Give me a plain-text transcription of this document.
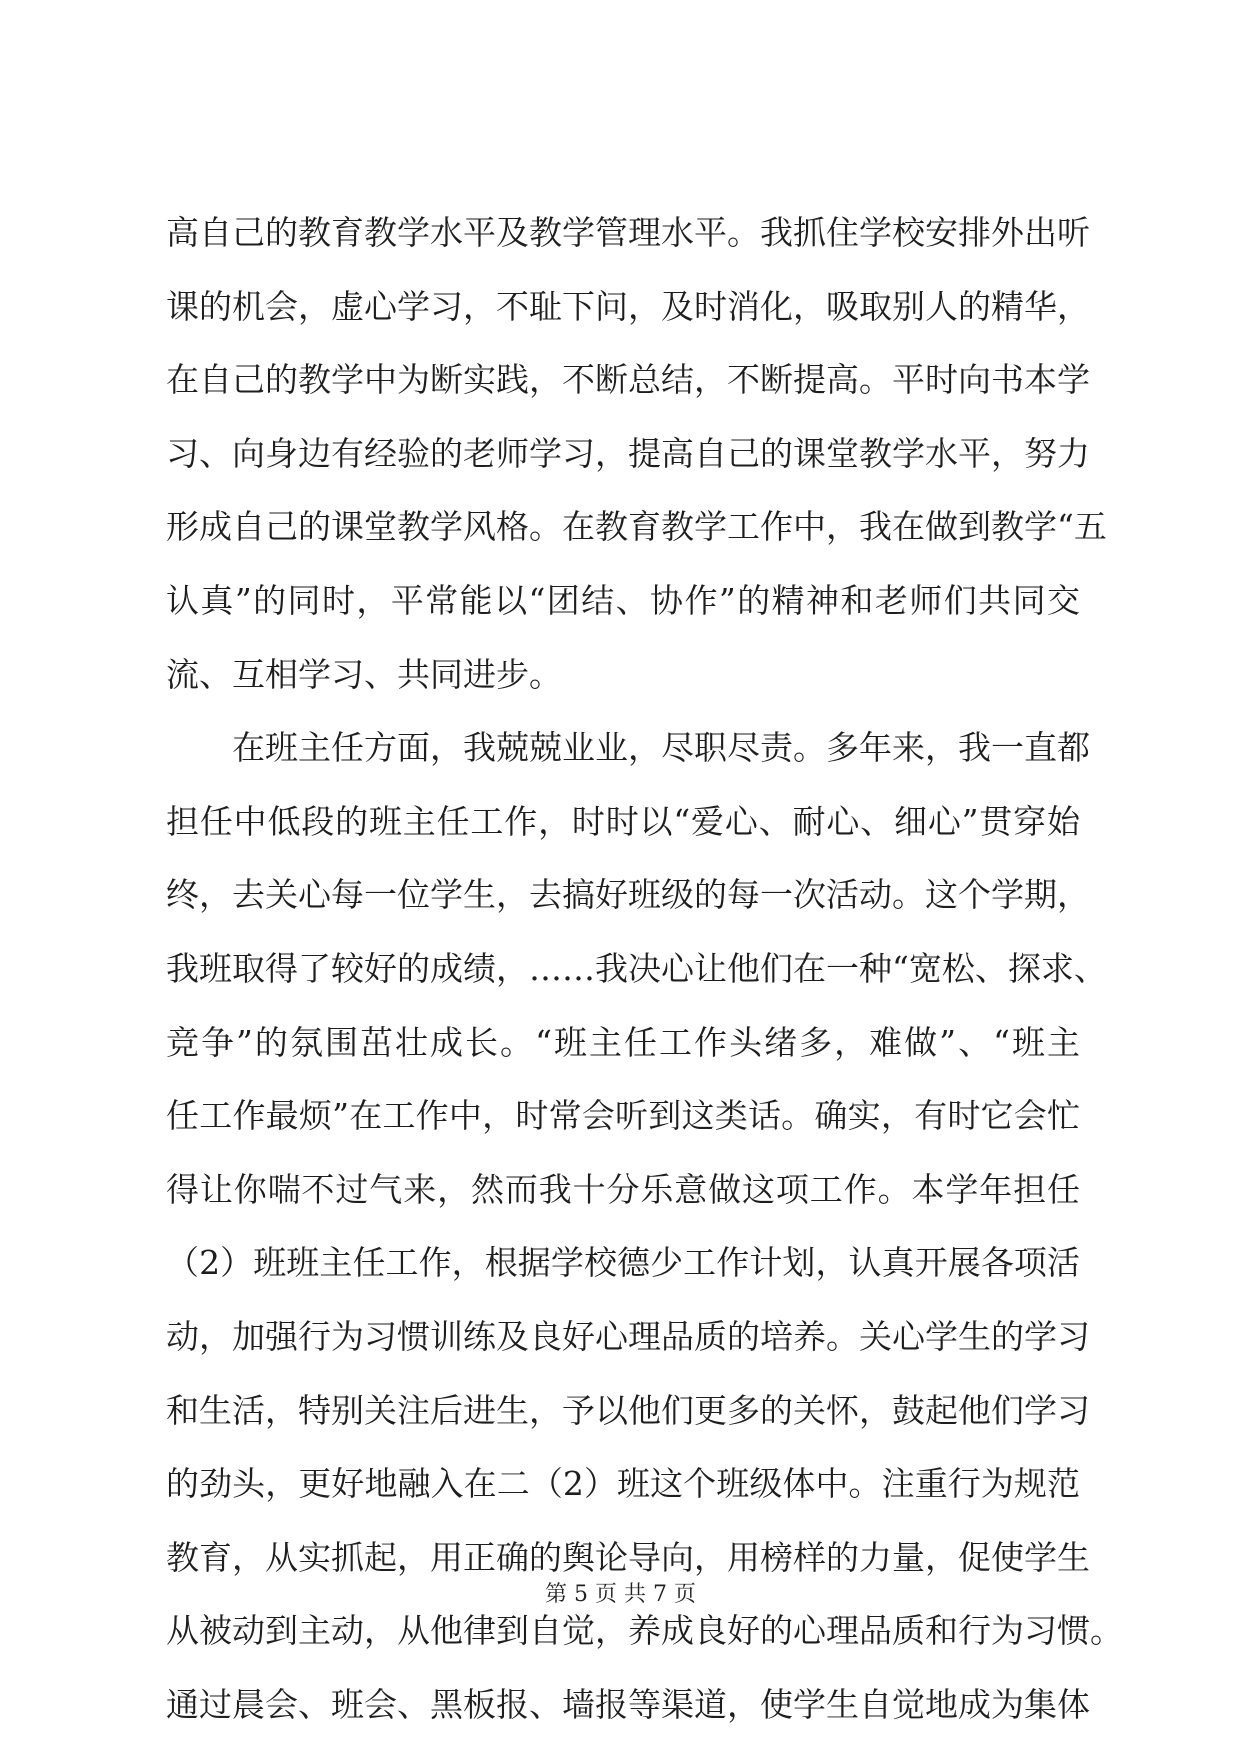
高自己的教育教学水平及教学管理水平。我抓住学校安排外出听
课的机会，虚心学习，不耻下问，及时消化，吸取别人的精华，
在自己的教学中为断实践，不断总结，不断提高。平时向书本学
习、向身边有经验的老师学习，提高自己的课堂教学水平，努力
形成自己的课堂教学风格。在教育教学工作中，我在做到教学“五
认真”的同时，平常能以“团结、协作”的精神和老师们共同交
流、互相学习、共同进步。
　　在班主任方面，我兢兢业业，尽职尽责。多年来，我一直都
担任中低段的班主任工作，时时以“爱心、耐心、细心”贯穿始
终，去关心每一位学生，去搞好班级的每一次活动。这个学期，
我班取得了较好的成绩，……我决心让他们在一种“宽松、探求、
竞争”的氛围茁壮成长。“班主任工作头绪多，难做”、“班主
任工作最烦”在工作中，时常会听到这类话。确实，有时它会忙
得让你喘不过气来，然而我十分乐意做这项工作。本学年担任
（2）班班主任工作，根据学校德少工作计划，认真开展各项活
动，加强行为习惯训练及良好心理品质的培养。关心学生的学习
和生活，特别关注后进生，予以他们更多的关怀，鼓起他们学习
的劲头，更好地融入在二（2）班这个班级体中。注重行为规范
教育，从实抓起，用正确的舆论导向，用榜样的力量，促使学生
从被动到主动，从他律到自觉，养成良好的心理品质和行为习惯。
通过晨会、班会、黑板报、墙报等渠道，使学生自觉地成为集体
第 5 页 共 7 页
